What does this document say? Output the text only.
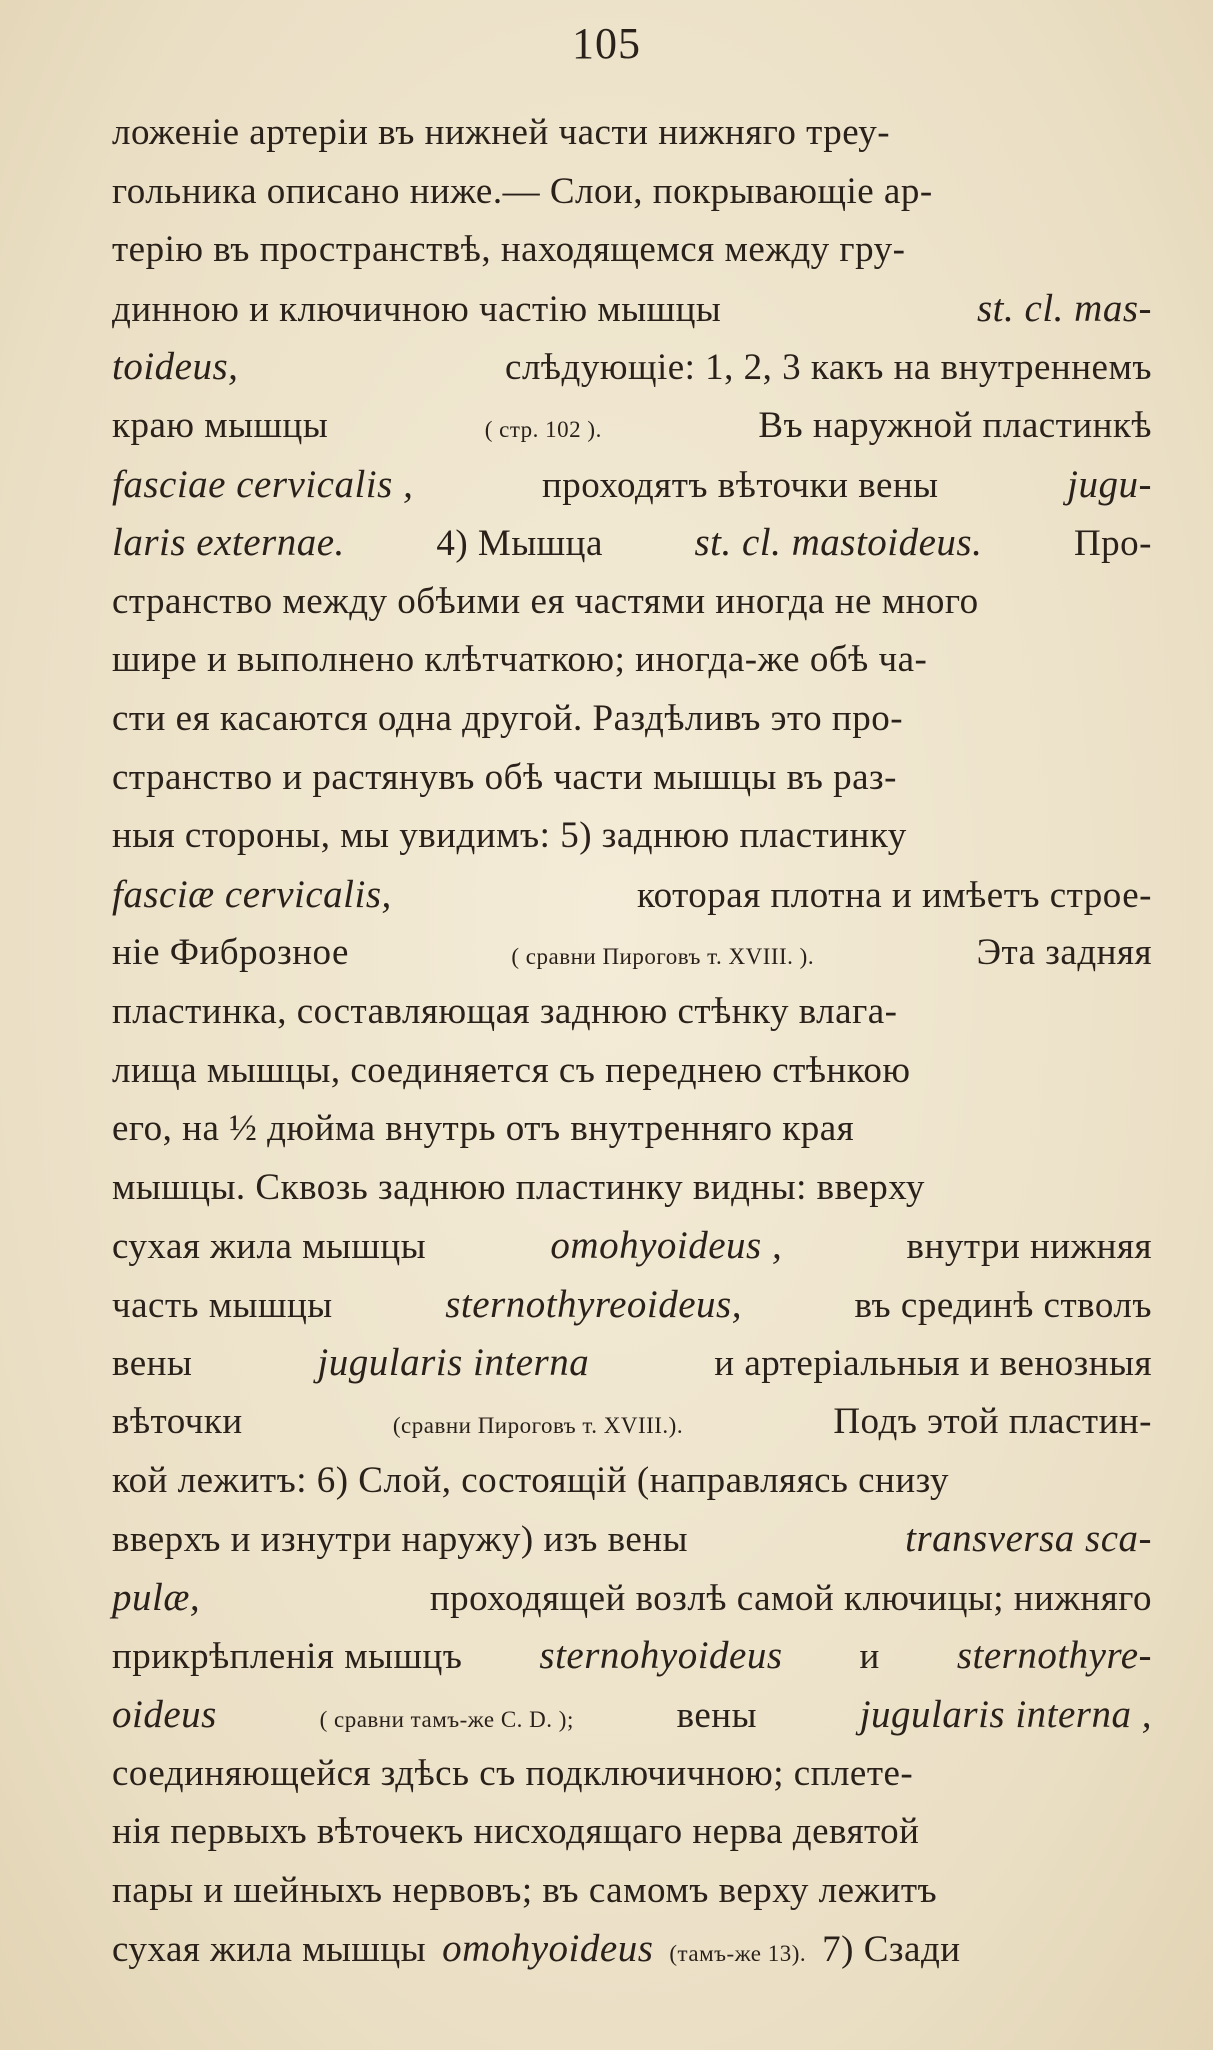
105
ложеніе артеріи въ нижней части нижняго треу-
гольника описано ниже.— Слои, покрывающіе ар-
терію въ пространствѣ, находящемся между гру-
динною и ключичною частію мышцы	st. cl. mas-
toideus,	слѣдующіе: 1, 2, 3 какъ на внутреннемъ
краю мышцы	( стр. 102 ).	Въ наружной пластинкѣ
fasciae cervicalis ,	проходятъ вѣточки вены	jugu-
laris externae. 4) Мышца st. cl. mastoideus. Про-
странство между обѣими ея частями иногда не много
шире и выполнено клѣтчаткою; иногда-же обѣ ча-
сти ея касаются одна другой. Раздѣливъ это про-
странство и растянувъ обѣ части мышцы въ раз-
ныя стороны, мы увидимъ: 5) заднюю пластинку
fasciæ cervicalis,	которая плотна и имѣетъ строе-
ніе Фиброзное	( сравни Пироговъ т. XVIII. ).	Эта задняя
пластинка, составляющая заднюю стѣнку влага-
лища мышцы, соединяется съ переднею стѣнкою
его, на ½ дюйма внутрь отъ внутренняго края
мышцы. Сквозь заднюю пластинку видны: вверху
сухая жила мышцы	omohyoideus ,	внутри нижняя
часть мышцы	sternothyreoideus,	въ срединѣ стволъ
вены	jugularis interna	и артеріальныя и венозныя
вѣточки	(сравни Пироговъ т. XVIII.).	Подъ этой пластин-
кой лежитъ: 6) Слой, состоящій (направляясь снизу
вверхъ и изнутри наружу) изъ вены	transversa sca-
pulæ,	проходящей возлѣ самой ключицы; нижняго
прикрѣпленія мышцъ sternohyoideus и sternothyre-
oideus	( сравни тамъ-же С. D. );	вены	jugularis interna ,
соединяющейся здѣсь съ подключичною; сплете-
нія первыхъ вѣточекъ нисходящаго нерва девятой
пары и шейныхъ нервовъ; въ самомъ верху лежитъ
сухая жила мышцы omohyoideus (тамъ-же 13). 7) Сзади
